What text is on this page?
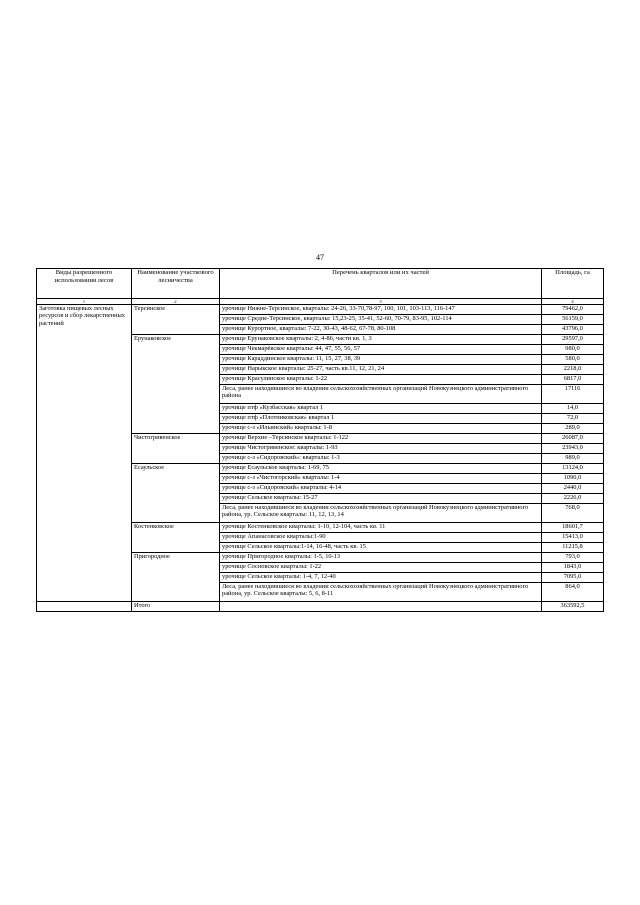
47
Виды разрешенного использования лесов	Наименование участкового лесничества	Перечень кварталов или их частей	Площадь, га
1	2	3	4
Заготовка пищевых лесных ресурсов и сбор лекарственных растений	Терсинское	урочище Нижне-Терсинское, кварталы: 24-26, 33-70,78-97, 100, 101, 103-113, 116-147	79462,0
		урочище Средне-Терсинское, кварталы: 15,23-25, 35-41, 52-60, 70-79, 83-95, 102-114	56159,0
		урочище Курортное, кварталы: 7-22, 30-43, 48-62, 67-78, 80-108	43796,0
	Ерунаковское	урочище Ерунаковское кварталы: 2, 4-86, части кв. 1, 3	29597,0
		урочище Чекмарёвское кварталы: 44, 47, 55, 56, 57	980,0
		урочище Караддинское кварталы: 11, 15, 27, 38, 39	580,0
		урочище Нарыкское кварталы: 25-27, часть кв.11, 12, 21, 24	2218,0
		урочище Красулинское кварталы: 1-22	6817,0
		Леса, ранее находившиеся во владении сельскохозяйственных организаций Новокузнецкого административного района	17116
		урочище птф «Кузбасская» квартал 1	14,0
		урочище птф «Плотниковская» квартал 1	72,0
		урочище с-з «Ильинский» кварталы: 1-8	289,0
	Чистогривенское	урочище Верхне –Терсинское кварталы: 1-122	26087,0
		урочище Чистогривенское: кварталы: 1-93	23943,0
		урочище с-з «Сидоровский»: кварталы: 1-3	989,0
	Есаульское	урочище Есаульское кварталы: 1-69, 75	13124,0
		урочище с-з «Чистогорский» кварталы: 1-4	1090,0
		урочище с-з «Сидоровский» кварталы: 4-14	2440,0
		урочище Сельское кварталы: 15-27	2226,0
		Леса, ранее находившиеся во владении сельскохозяйственных организаций Новокузнецкого административного района, ур. Сельское кварталы: 11, 12, 13, 14	768,0
	Костенковское	урочище Костенковское кварталы: 1-10, 12-104, часть кв. 11	18601,7
		урочище Апанасовское кварталы:1-90	15413,0
		урочище Сельское кварталы:1-14, 16-48, часть кв. 15	11215,8
	Пригородное	урочище Пригородное кварталы: 1-5, 10-13	793,0
		урочище Сосновское кварталы: 1-22	1843,0
		урочище Сельское кварталы: 1-4, 7, 12-40	7095,0
		Леса, ранее находившиеся во владении сельскохозяйственных организаций Новокузнецкого административного района, ур. Сельское кварталы: 5, 6, 8-11	864,0
	Итого		363592,5
